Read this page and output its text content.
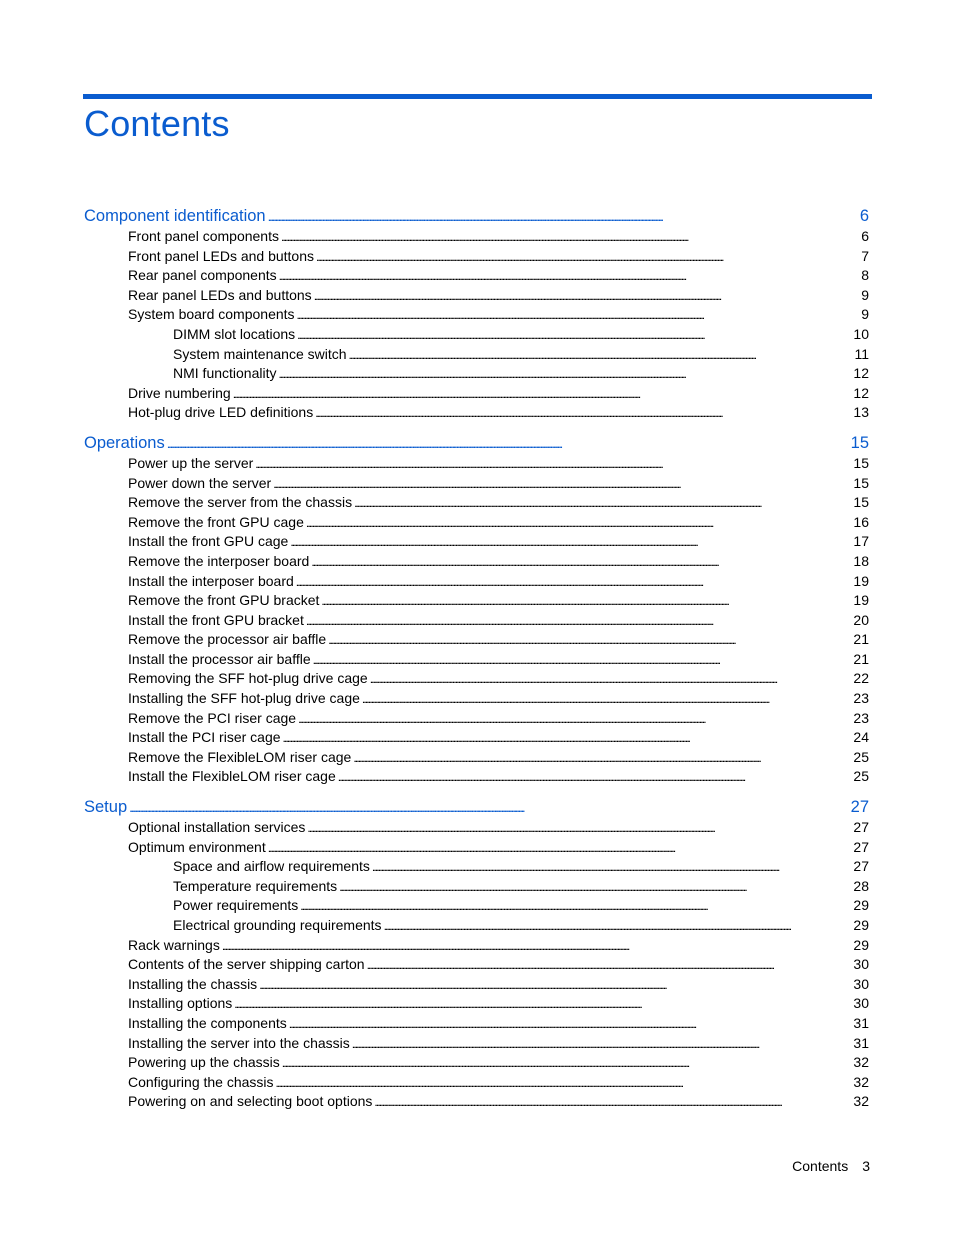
Contents
Component identification . . .	6
Front panel components . . .	6
Front panel LEDs and buttons . . .	7
Rear panel components . . .	8
Rear panel LEDs and buttons . . .	9
System board components . . .	9
DIMM slot locations . . .	10
System maintenance switch . . .	11
NMI functionality . . .	12
Drive numbering . . .	12
Hot-plug drive LED definitions . . .	13
Operations . . .	15
Power up the server . . .	15
Power down the server . . .	15
Remove the server from the chassis . . .	15
Remove the front GPU cage . . .	16
Install the front GPU cage . . .	17
Remove the interposer board . . .	18
Install the interposer board . . .	19
Remove the front GPU bracket . . .	19
Install the front GPU bracket . . .	20
Remove the processor air baffle . . .	21
Install the processor air baffle . . .	21
Removing the SFF hot-plug drive cage . . .	22
Installing the SFF hot-plug drive cage . . .	23
Remove the PCI riser cage . . .	23
Install the PCI riser cage . . .	24
Remove the FlexibleLOM riser cage . . .	25
Install the FlexibleLOM riser cage . . .	25
Setup . . .	27
Optional installation services . . .	27
Optimum environment . . .	27
Space and airflow requirements . . .	27
Temperature requirements . . .	28
Power requirements . . .	29
Electrical grounding requirements . . .	29
Rack warnings . . .	29
Contents of the server shipping carton . . .	30
Installing the chassis . . .	30
Installing options . . .	30
Installing the components . . .	31
Installing the server into the chassis . . .	31
Powering up the chassis . . .	32
Configuring the chassis . . .	32
Powering on and selecting boot options . . .	32
Contents 3
